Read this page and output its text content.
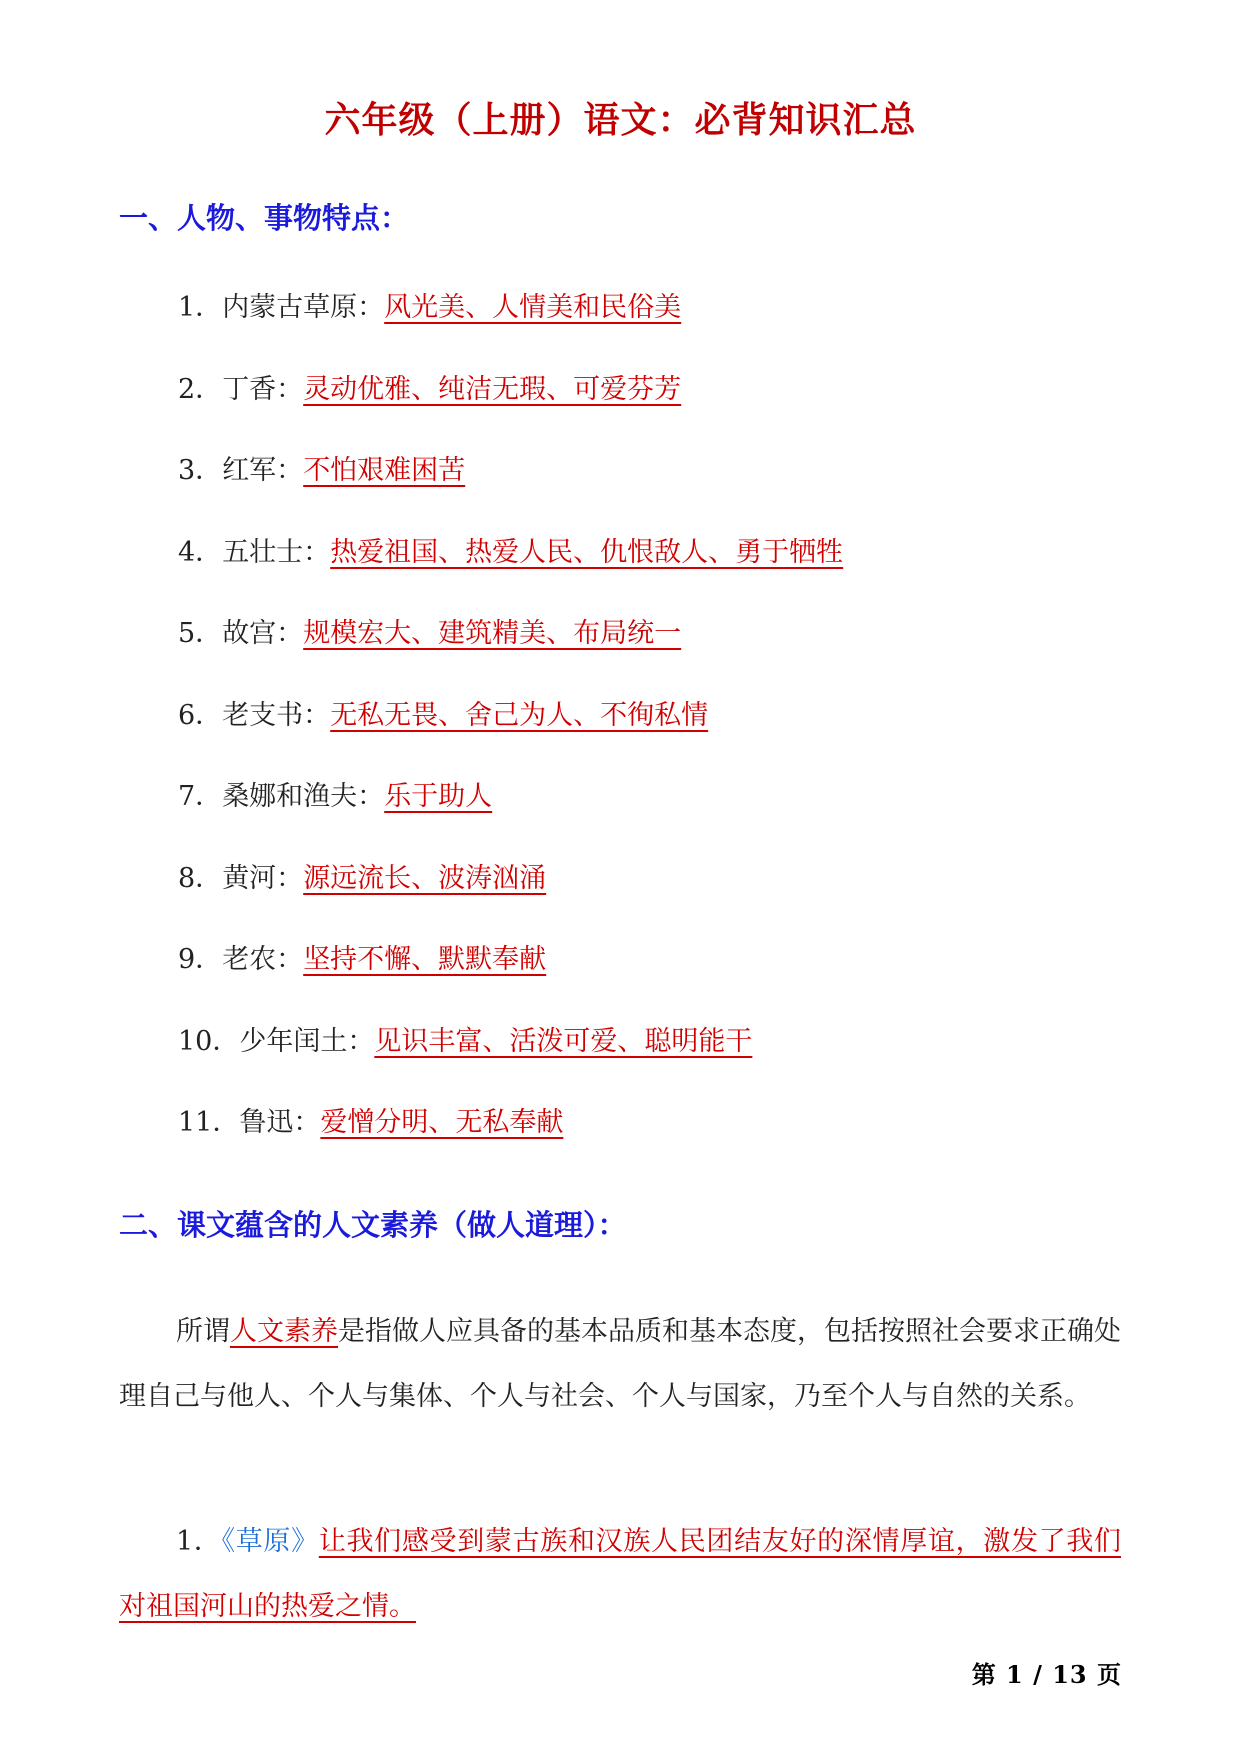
六年级（上册）语文：必背知识汇总
一、人物、事物特点：
1．内蒙古草原：风光美、人情美和民俗美
2．丁香：灵动优雅、纯洁无瑕、可爱芬芳
3．红军：不怕艰难困苦
4．五壮士：热爱祖国、热爱人民、仇恨敌人、勇于牺牲
5．故宫：规模宏大、建筑精美、布局统一
6．老支书：无私无畏、舍己为人、不徇私情
7．桑娜和渔夫：乐于助人
8．黄河：源远流长、波涛汹涌
9．老农：坚持不懈、默默奉献
10．少年闰土：见识丰富、活泼可爱、聪明能干
11．鲁迅：爱憎分明、无私奉献
二、课文蕴含的人文素养（做人道理）：

所谓人文素养是指做人应具备的基本品质和基本态度，包括按照社会要求正确处理自己与他人、个人与集体、个人与社会、个人与国家，乃至个人与自然的关系。

1．《草原》让我们感受到蒙古族和汉族人民团结友好的深情厚谊，激发了我们对祖国河山的热爱之情。

第 1 / 13 页
